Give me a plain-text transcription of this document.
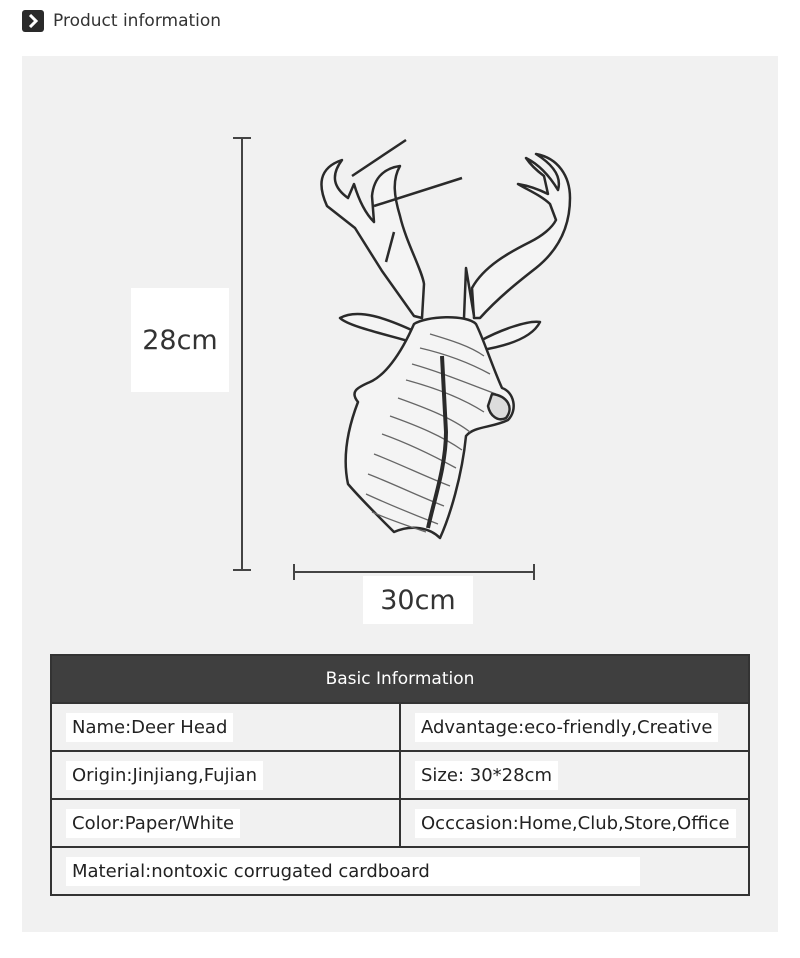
Product information
28cm
30cm
Basic Information
Name:Deer Head	Advantage:eco-friendly,Creative
Origin:Jinjiang,Fujian	Size: 30*28cm
Color:Paper/White	Occcasion:Home,Club,Store,Office
Material:nontoxic corrugated cardboard
